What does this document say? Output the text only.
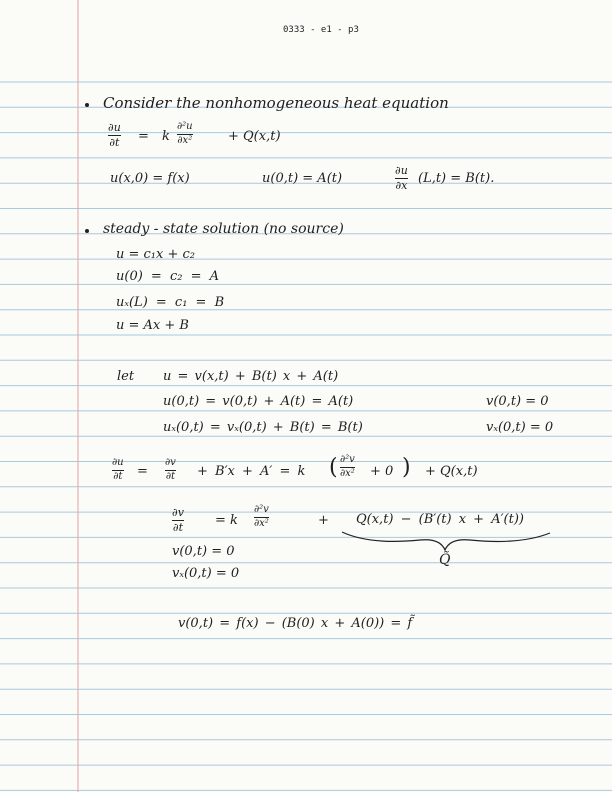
0333 - e1 - p3
Consider the nonhomogeneous heat equation
∂u
∂t = k
∂²u
∂x²	+ Q(x,t)
u(x,0) = f(x)	u(0,t) = A(t)
∂u
∂x (L,t) = B(t).
steady - state solution (no source)
u = c₁x + c₂
u(0) = c₂ = A
uₓ(L) = c₁ = B
u = Ax + B
let u = v(x,t) + B(t) x + A(t)
u(0,t) = v(0,t) + A(t) = A(t)	v(0,t) = 0
uₓ(0,t) = vₓ(0,t) + B(t) = B(t)	vₓ(0,t) = 0
∂u
∂t =
∂v
∂t + B′x + A′ = k ( ∂²v
∂x² + 0 ) + Q(x,t)
∂v
∂t = k
∂²v
∂x²	+ Q(x,t) − (B′(t) x + A′(t))
Q̃
v(0,t) = 0
vₓ(0,t) = 0
v(0,t) = f(x) − (B(0) x + A(0)) = f̃
